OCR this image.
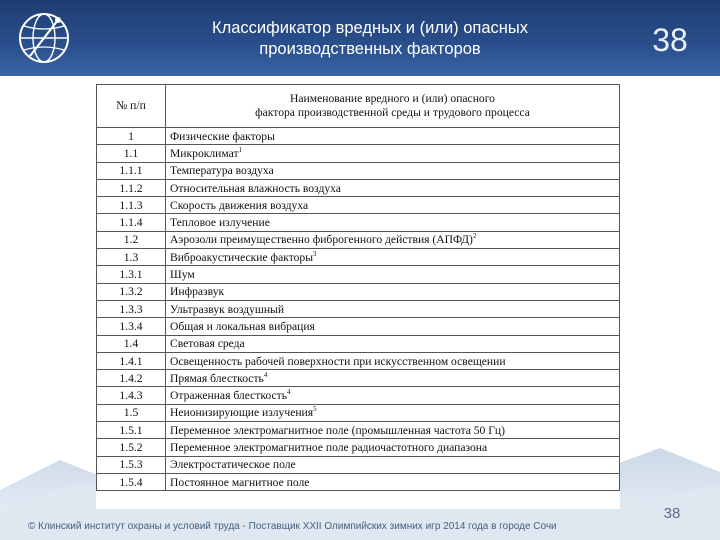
Классификатор вредных и (или) опасных
производственных факторов	38
№ п/п	Наименование вредного и (или) опасного
фактора производственной среды и трудового процесса

1	Физические факторы
1.1	Микроклимат$^1$
1.1.1	Температура воздуха
1.1.2	Относительная влажность воздуха
1.1.3	Скорость движения воздуха
1.1.4	Тепловое излучение
1.2	Аэрозоли преимущественно фиброгенного действия (АПФД)$^2$
1.3	Виброакустические факторы$^3$
1.3.1	Шум
1.3.2	Инфразвук
1.3.3	Ультразвук воздушный
1.3.4	Общая и локальная вибрация
1.4	Световая среда
1.4.1	Освещенность рабочей поверхности при искусственном освещении
1.4.2	Прямая блесткость$^4$
1.4.3	Отраженная блесткость$^4$
1.5	Неионизирующие излучения$^5$
1.5.1	Переменное электромагнитное поле (промышленная частота 50 Гц)
1.5.2	Переменное электромагнитное поле радиочастотного диапазона
1.5.3	Электростатическое поле
1.5.4	Постоянное магнитное поле
© Клинский институт охраны и условий труда - Поставщик XXII Олимпийских зимних игр 2014 года в городе Сочи
38
